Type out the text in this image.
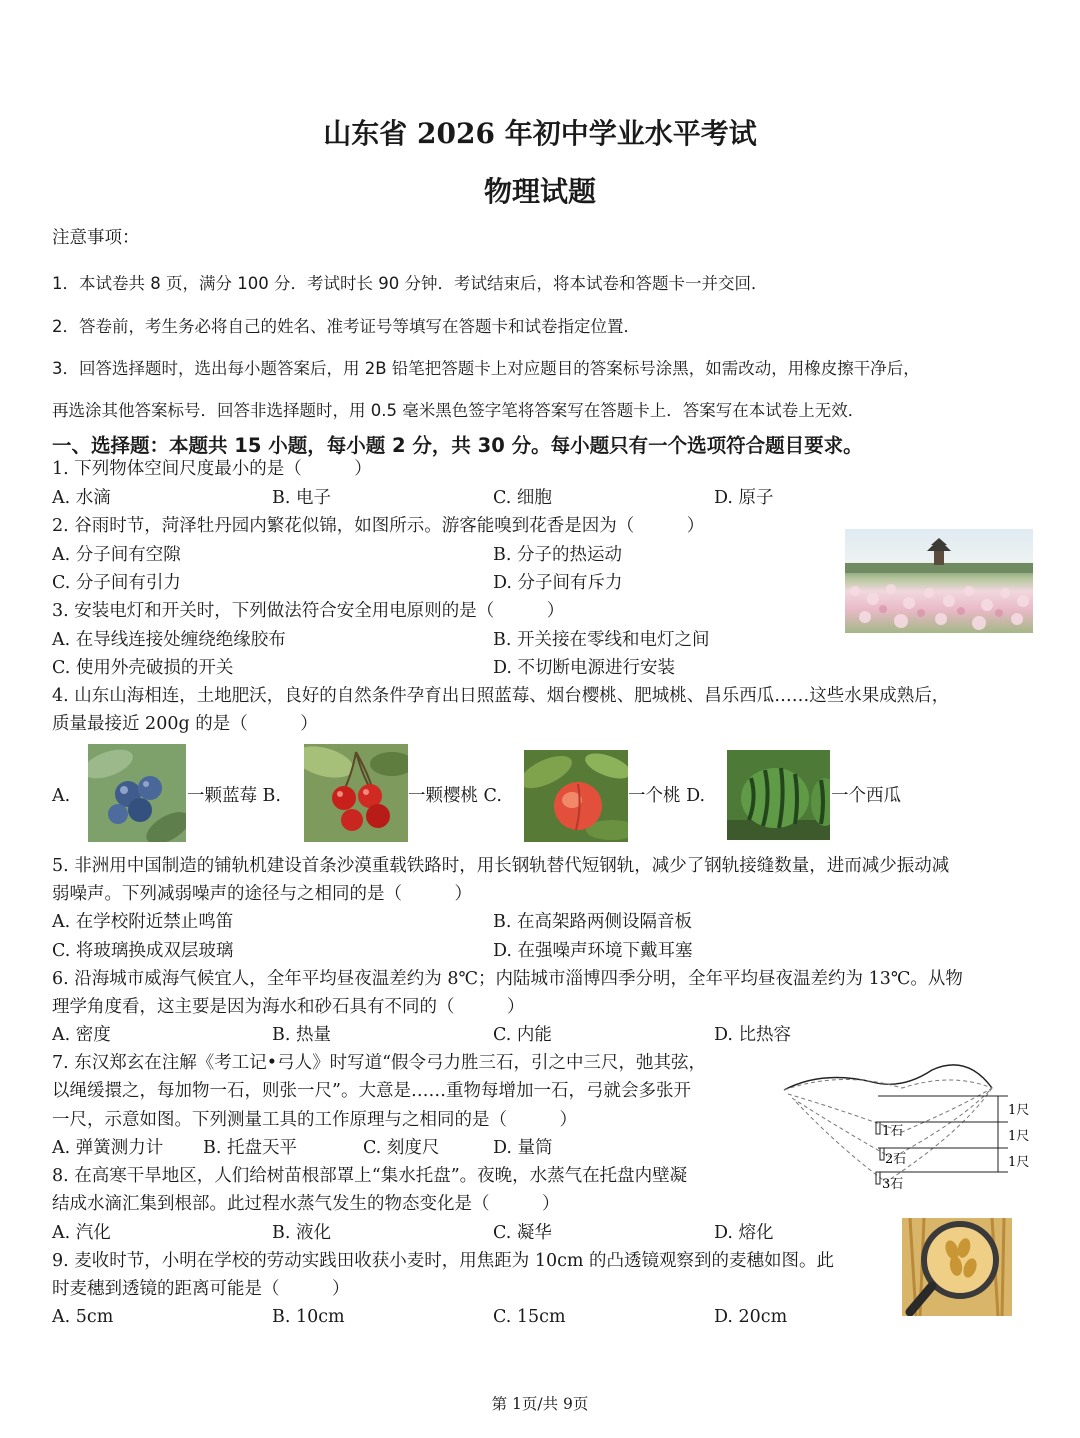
山东省 2026 年初中学业水平考试
物理试题
注意事项：
1．本试卷共 8 页，满分 100 分．考试时长 90 分钟．考试结束后，将本试卷和答题卡一并交回．
2．答卷前，考生务必将自己的姓名、准考证号等填写在答题卡和试卷指定位置．
3．回答选择题时，选出每小题答案后，用 2B 铅笔把答题卡上对应题目的答案标号涂黑，如需改动，用橡皮擦干净后，
再选涂其他答案标号．回答非选择题时，用 0.5 毫米黑色签字笔将答案写在答题卡上．答案写在本试卷上无效．
一、选择题：本题共 15 小题，每小题 2 分，共 30 分。每小题只有一个选项符合题目要求。
1. 下列物体空间尺度最小的是（　　　）
A. 水滴	B. 电子	C. 细胞	D. 原子
2. 谷雨时节，菏泽牡丹园内繁花似锦，如图所示。游客能嗅到花香是因为（　　　）
A. 分子间有空隙	B. 分子的热运动
C. 分子间有引力	D. 分子间有斥力
3. 安装电灯和开关时，下列做法符合安全用电原则的是（　　　）
A. 在导线连接处缠绕绝缘胶布	B. 开关接在零线和电灯之间
C. 使用外壳破损的开关	D. 不切断电源进行安装
4. 山东山海相连，土地肥沃，良好的自然条件孕育出日照蓝莓、烟台樱桃、肥城桃、昌乐西瓜……这些水果成熟后，
质量最接近 200g 的是（　　　）
A.	一颗蓝莓 B.	一颗樱桃 C.	一个桃 D.	一个西瓜
5. 非洲用中国制造的铺轨机建设首条沙漠重载铁路时，用长钢轨替代短钢轨，减少了钢轨接缝数量，进而减少振动减
弱噪声。下列减弱噪声的途径与之相同的是（　　　）
A. 在学校附近禁止鸣笛	B. 在高架路两侧设隔音板
C. 将玻璃换成双层玻璃	D. 在强噪声环境下戴耳塞
6. 沿海城市威海气候宜人，全年平均昼夜温差约为 8℃；内陆城市淄博四季分明，全年平均昼夜温差约为 13℃。从物
理学角度看，这主要是因为海水和砂石具有不同的（　　　）
A. 密度	B. 热量	C. 内能	D. 比热容
7. 东汉郑玄在注解《考工记•弓人》时写道“假令弓力胜三石，引之中三尺，弛其弦，
以绳缓擐之，每加物一石，则张一尺”。大意是……重物每增加一石，弓就会多张开
一尺，示意如图。下列测量工具的工作原理与之相同的是（　　　）
A. 弹簧测力计 B. 托盘天平	C. 刻度尺	D. 量筒
1尺
1尺
1尺
1石
2石
3石
8. 在高寒干旱地区，人们给树苗根部罩上“集水托盘”。夜晚，水蒸气在托盘内壁凝
结成水滴汇集到根部。此过程水蒸气发生的物态变化是（　　　）
A. 汽化	B. 液化	C. 凝华	D. 熔化
9. 麦收时节，小明在学校的劳动实践田收获小麦时，用焦距为 10cm 的凸透镜观察到的麦穗如图。此
时麦穗到透镜的距离可能是（　　　）
A. 5cm	B. 10cm	C. 15cm	D. 20cm
第 1页/共 9页
